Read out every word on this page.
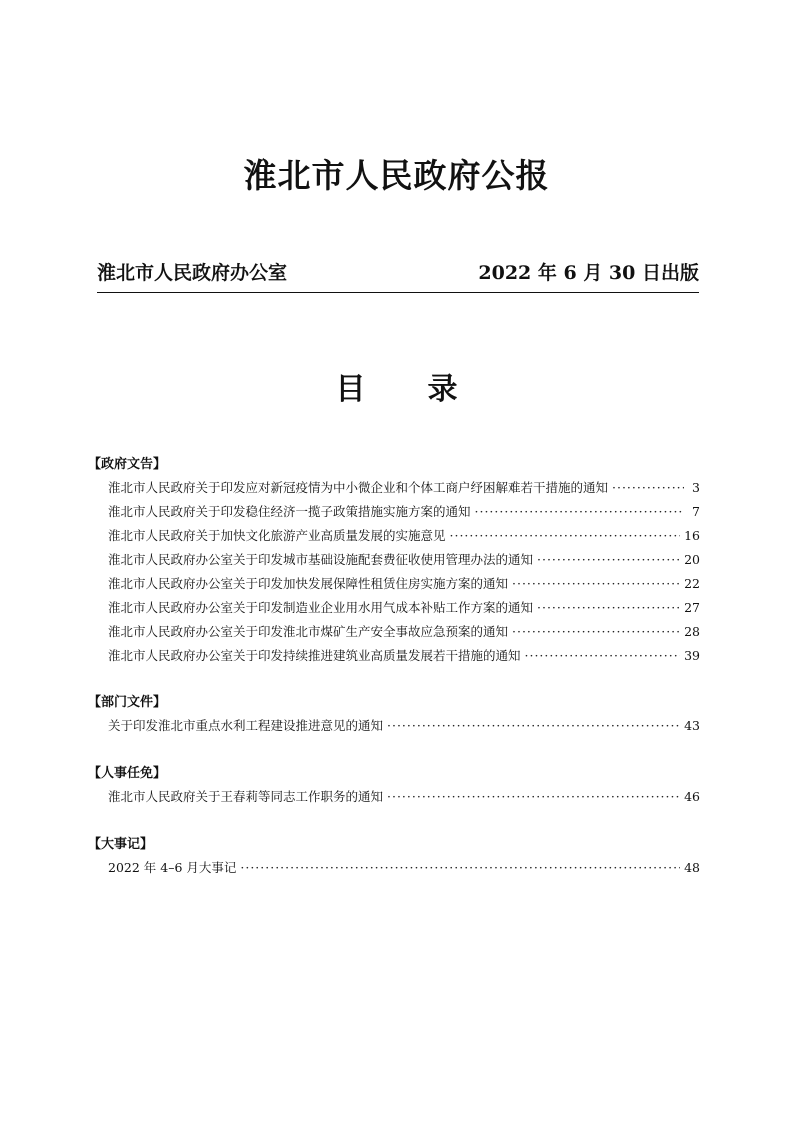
淮北市人民政府公报
淮北市人民政府办公室	2022 年 6 月 30 日出版
目录
【政府文告】
淮北市人民政府关于印发应对新冠疫情为中小微企业和个体工商户纾困解难若干措施的通知 ·····	3
淮北市人民政府关于印发稳住经济一揽子政策措施实施方案的通知 ·····	7
淮北市人民政府关于加快文化旅游产业高质量发展的实施意见 ·····	16
淮北市人民政府办公室关于印发城市基础设施配套费征收使用管理办法的通知 ·····	20
淮北市人民政府办公室关于印发加快发展保障性租赁住房实施方案的通知 ·····	22
淮北市人民政府办公室关于印发制造业企业用水用气成本补贴工作方案的通知 ·····	27
淮北市人民政府办公室关于印发淮北市煤矿生产安全事故应急预案的通知 ·····	28
淮北市人民政府办公室关于印发持续推进建筑业高质量发展若干措施的通知 ·····	39
【部门文件】
关于印发淮北市重点水利工程建设推进意见的通知 ·····	43
【人事任免】
淮北市人民政府关于王春莉等同志工作职务的通知 ·····	46
【大事记】
2022 年 4–6 月大事记 ·····	48
